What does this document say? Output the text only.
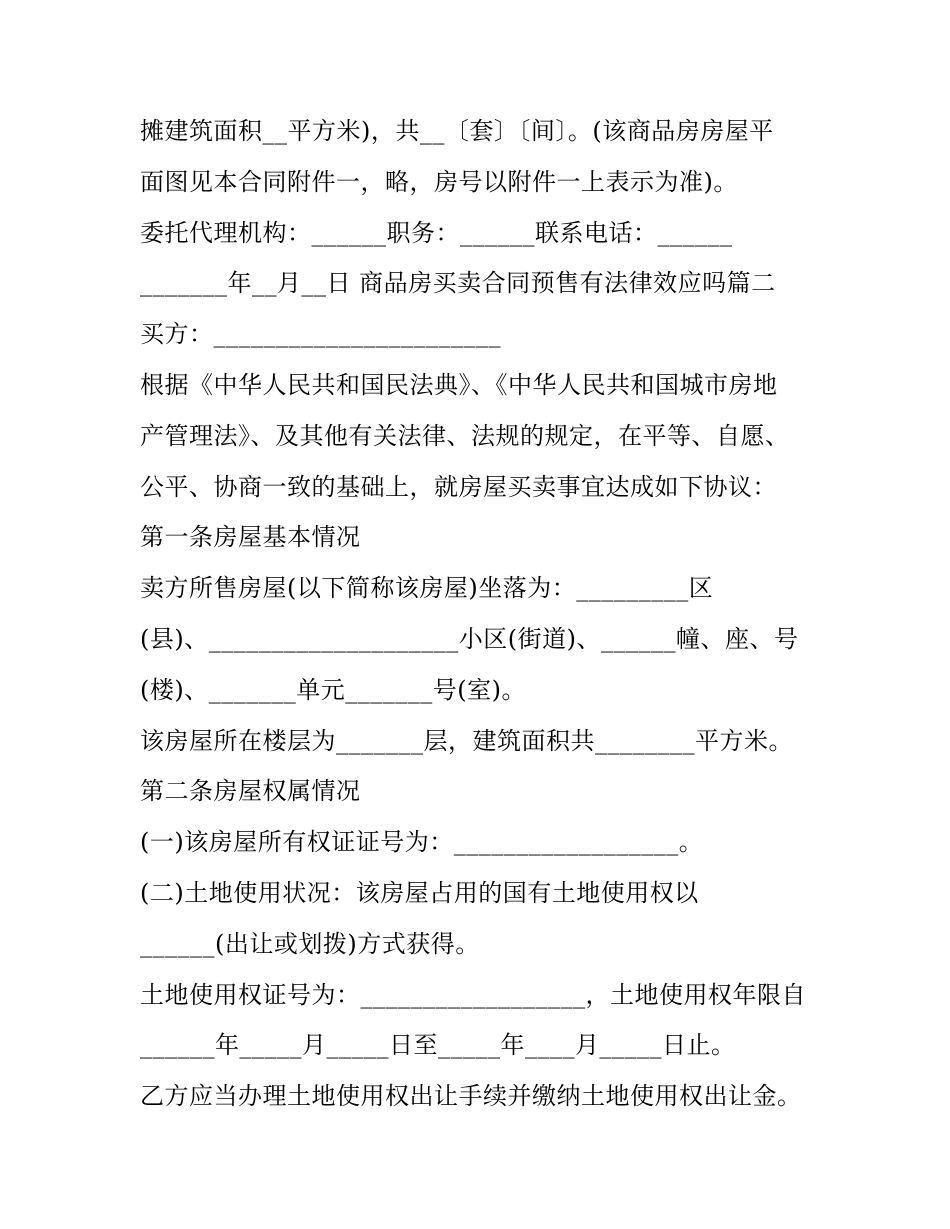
摊建筑面积__平方米)，共__〔套〕〔间〕。(该商品房房屋平
面图见本合同附件一，略，房号以附件一上表示为准)。
委托代理机构：______职务：______联系电话：______
_______年__月__日 商品房买卖合同预售有法律效应吗篇二
买方：_______________________
根据《中华人民共和国民法典》、《中华人民共和国城市房地
产管理法》、及其他有关法律、法规的规定，在平等、自愿、
公平、协商一致的基础上，就房屋买卖事宜达成如下协议：
第一条房屋基本情况
卖方所售房屋(以下简称该房屋)坐落为：_________区
(县)、____________________小区(街道)、______幢、座、号
(楼)、_______单元_______号(室)。
该房屋所在楼层为_______层，建筑面积共________平方米。
第二条房屋权属情况
(一)该房屋所有权证证号为：__________________。
(二)土地使用状况：该房屋占用的国有土地使用权以
______(出让或划拨)方式获得。
土地使用权证号为：__________________，土地使用权年限自
______年_____月_____日至_____年____月_____日止。
乙方应当办理土地使用权出让手续并缴纳土地使用权出让金。
